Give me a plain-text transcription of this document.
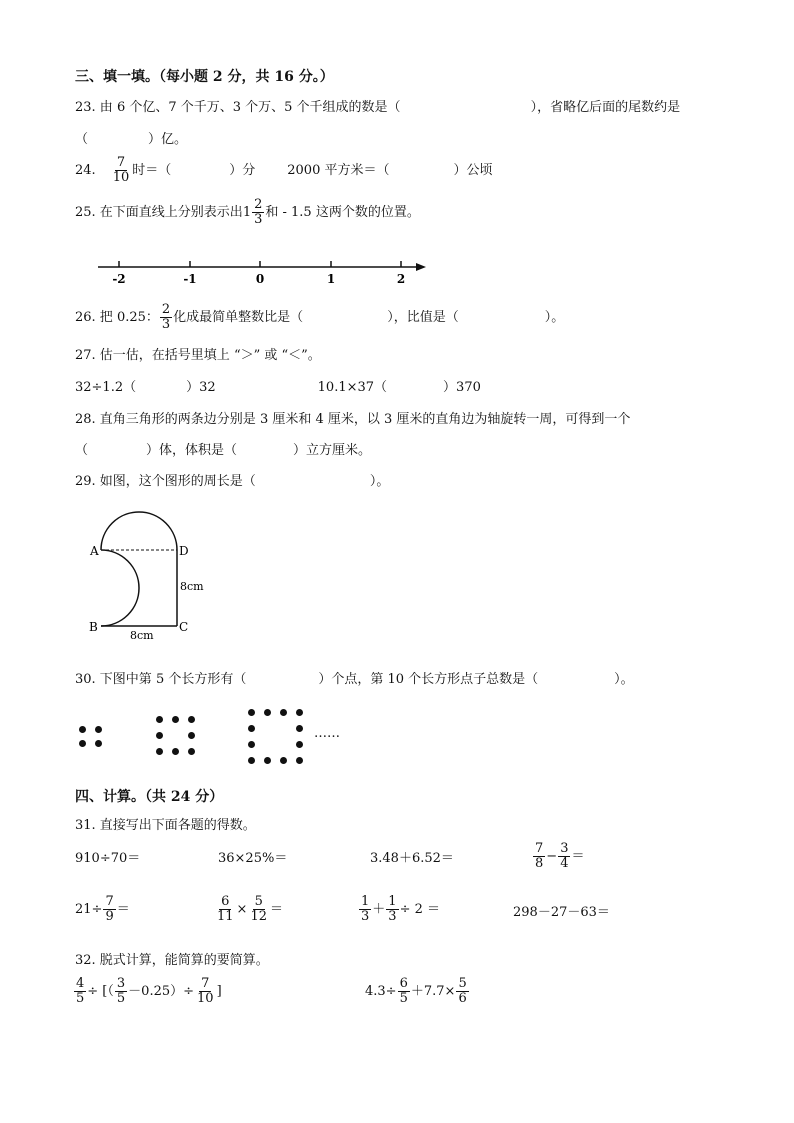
三、填一填。（每小题 2 分，共 16 分。）
23. 由 6 个亿、7 个千万、3 个万、5 个千组成的数是（	），省略亿后面的尾数约是
（	）亿。
24. $\frac{7}{10}$ 时＝（	）分 2000 平方米＝（	）公顷
25. 在下面直线上分别表示出 $1 \frac{2}{3}$ 和 - 1.5 这两个数的位置。
-2	-1	0	1	2
26. 把 0.25： $\frac{2}{3}$ 化成最简单整数比是（	），比值是（	）。
27. 估一估，在括号里填上 “＞” 或 “＜”。
32÷1.2（	）32	10.1×37（	）370
28. 直角三角形的两条边分别是 3 厘米和 4 厘米，以 3 厘米的直角边为轴旋转一周，可得到一个
（	）体，体积是（	）立方厘米。
29. 如图，这个图形的周长是（	）。
A	D
B	C
8cm
8cm
30. 下图中第 5 个长方形有（	）个点，第 10 个长方形点子总数是（	）。
……
四、计算。（共 24 分）
31. 直接写出下面各题的得数。
910÷70＝	36×25%＝	3.48＋6.52＝	$\frac{7}{8} - \frac{3}{4}$ ＝
$21\div \frac{7}{9}$ ＝	$\frac{6}{11} \times \frac{5}{12}$ ＝	$\frac{1}{3} + \frac{1}{3} \div 2$ ＝	298－27－63＝
32. 脱式计算，能简算的要简算。
$\frac{4}{5}$ ÷ [（ $\frac{3}{5} -0.25)\div \frac{7}{10}$ ]	$4.3\div \frac{6}{5} +7.7\times \frac{5}{6}$
